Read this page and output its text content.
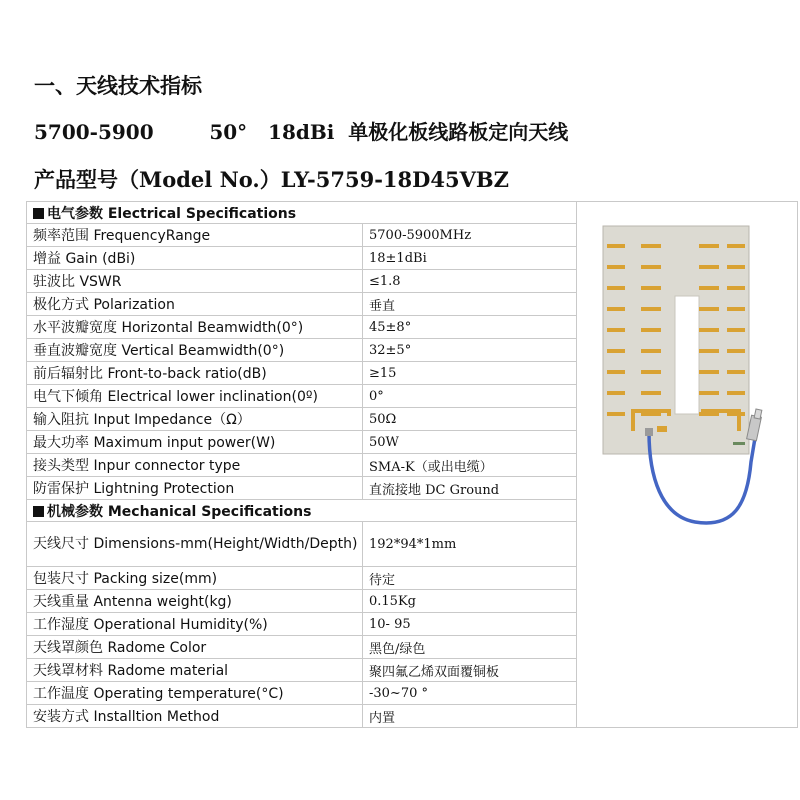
一、天线技术指标
5700-5900        50°   18dBi  单极化板线路板定向天线
产品型号（Model No.）LY-5759-18D45VBZ
电气参数 Electrical Specifications	

频率范围 FrequencyRange	5700-5900MHz	
增益 Gain (dBi)	18±1dBi	
驻波比 VSWR	≤1.8	
极化方式 Polarization	垂直	
水平波瓣宽度 Horizontal Beamwidth(0°)	45±8°	
垂直波瓣宽度 Vertical Beamwidth(0°)	32±5°	
前后辐射比 Front-to-back ratio(dB)	≥15	
电气下倾角 Electrical lower inclination(0º)	0°	
输入阻抗 Input Impedance（Ω）	50Ω	
最大功率 Maximum input power(W)	50W	
接头类型 Inpur connector type	SMA-K（或出电缆）	
防雷保护 Lightning Protection	直流接地 DC Ground	
机械参数 Mechanical Specifications		
天线尺寸 Dimensions-mm(Height/Width/Depth)	192*94*1mm	
包装尺寸 Packing size(mm)	待定	
天线重量 Antenna weight(kg)	0.15Kg	
工作湿度 Operational Humidity(%)	10- 95	
天线罩颜色 Radome Color	黑色/绿色	
天线罩材料 Radome material	聚四氟乙烯双面覆铜板	
工作温度 Operating temperature(°C)	-30~70 °	
安装方式 Installtion Method	内置	
